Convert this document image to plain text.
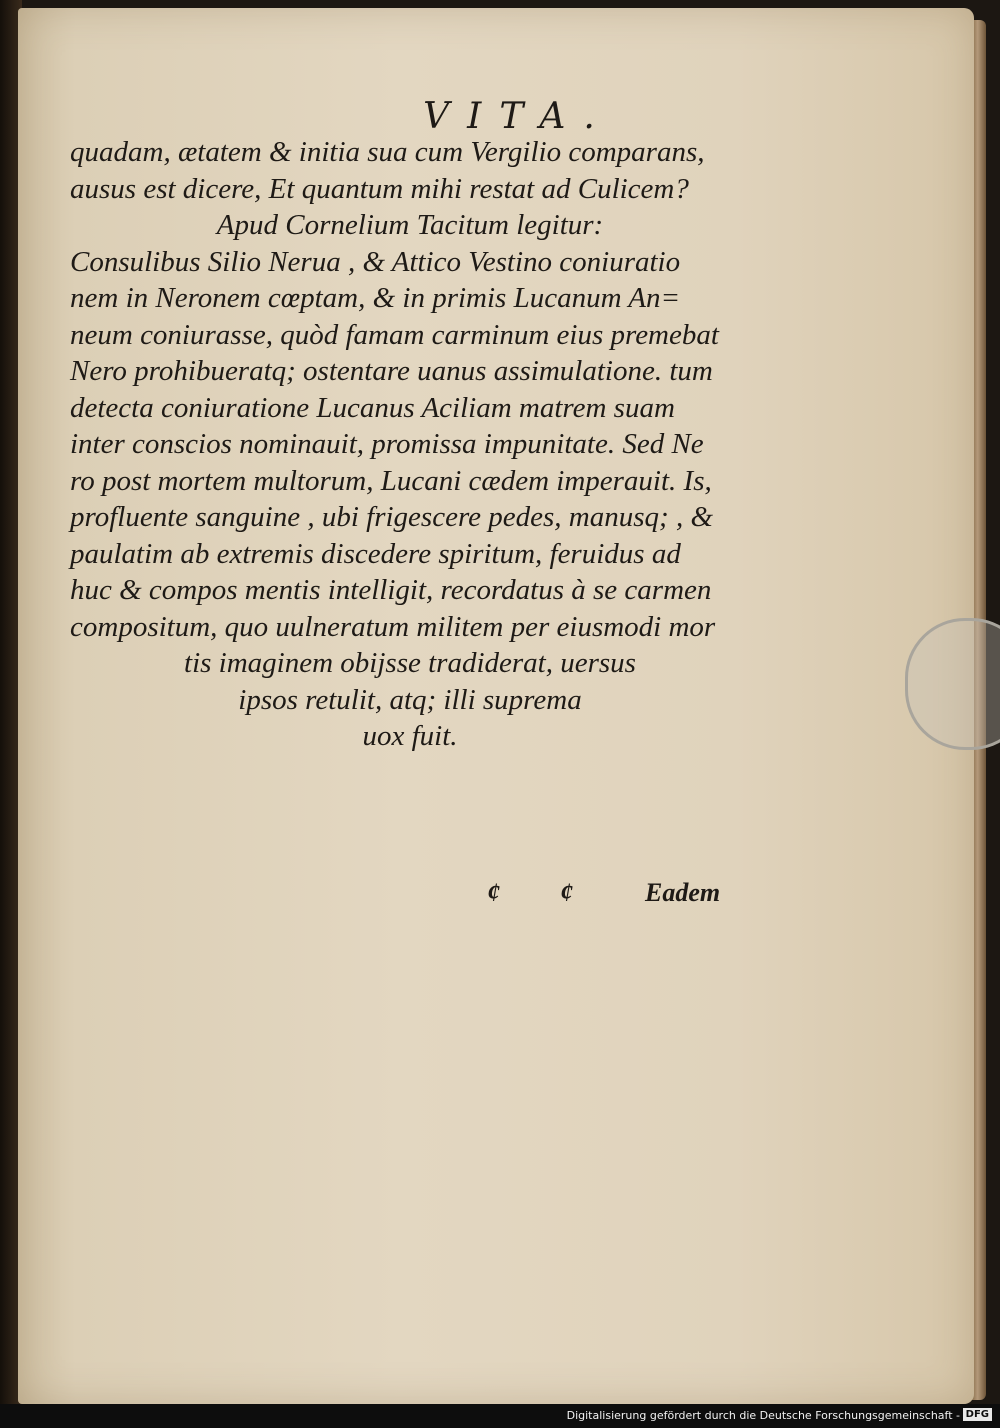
VITA.
quadam, ætatem & initia sua cum Vergilio comparans,
ausus est dicere, Et quantum mihi restat ad Culicem?
Apud Cornelium Tacitum legitur:
Consulibus Silio Nerua , & Attico Vestino coniuratio
nem in Neronem cœptam, & in primis Lucanum An=
neum coniurasse, quòd famam carminum eius premebat
Nero prohibueratq; ostentare uanus assimulatione. tum
detecta coniuratione Lucanus Aciliam matrem suam
inter conscios nominauit, promissa impunitate. Sed Ne
ro post mortem multorum, Lucani cædem imperauit. Is,
profluente sanguine , ubi frigescere pedes, manusq; , &
paulatim ab extremis discedere spiritum, feruidus ad
huc & compos mentis intelligit, recordatus à se carmen
compositum, quo uulneratum militem per eiusmodi mor
tis imaginem obijsse tradiderat, uersus
ipsos retulit, atq; illi suprema
uox fuit.
¢ ¢	Eadem
Digitalisierung gefördert durch die Deutsche Forschungsgemeinschaft - DFG
